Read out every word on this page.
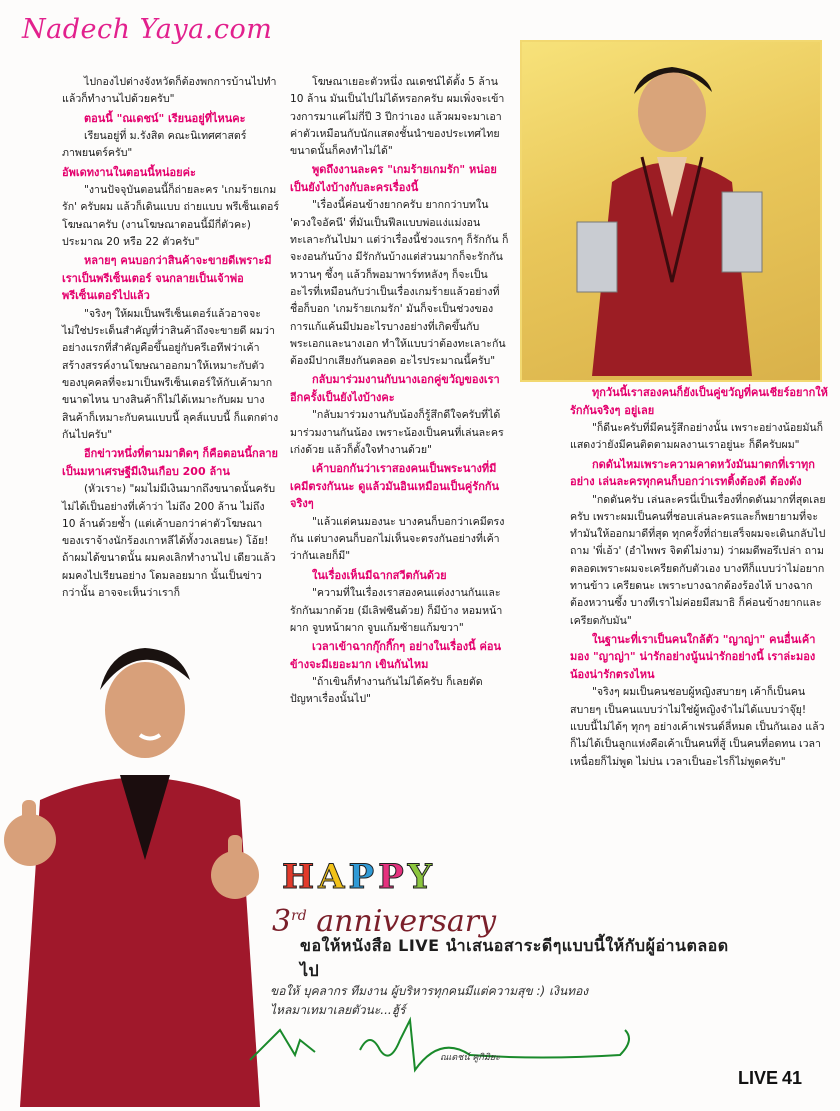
Nadech Yaya.com

ไปกองไปต่างจังหวัดก็ต้องพกการบ้านไปทำ แล้วก็ทำงานไปด้วยครับ"

ตอนนี้ "ณเดชน์" เรียนอยู่ที่ไหนคะ

เรียนอยู่ที่ ม.รังสิต คณะนิเทศศาสตร์ ภาพยนตร์ครับ"

อัพเดทงานในตอนนี้หน่อยค่ะ

"งานปัจจุบันตอนนี้ก็ถ่ายละคร 'เกมร้ายเกมรัก' ครับผม แล้วก็เดินแบบ ถ่ายแบบ พรีเซ็นเตอร์โฆษณาครับ (งานโฆษณาตอนนี้มีกี่ตัวคะ) ประมาณ 20 หรือ 22 ตัวครับ"

หลายๆ คนบอกว่าสินค้าจะขายดีเพราะมีเราเป็นพรีเซ็นเตอร์ จนกลายเป็นเจ้าพ่อพรีเซ็นเตอร์ไปแล้ว

"จริงๆ ให้ผมเป็นพรีเซ็นเตอร์แล้วอาจจะไม่ใช่ประเด็นสำคัญที่ว่าสินค้าถึงจะขายดี ผมว่าอย่างแรกที่สำคัญคือขึ้นอยู่กับครีเอทีฟว่าเค้าสร้างสรรค์งานโฆษณาออกมาให้เหมาะกับตัวของบุคคลที่จะมาเป็นพรีเซ็นเตอร์ให้กับเค้ามากขนาดไหน บางสินค้าก็ไม่ได้เหมาะกับผม บางสินค้าก็เหมาะกับคนแบบนี้ ลุคส์แบบนี้ ก็แตกต่างกันไปครับ"

อีกข่าวหนึ่งที่ตามมาติดๆ ก็คือตอนนี้กลายเป็นมหาเศรษฐีมีเงินเกือบ 200 ล้าน

(หัวเราะ) "ผมไม่มีเงินมากถึงขนาดนั้นครับ ไม่ได้เป็นอย่างที่เค้าว่า ไม่ถึง 200 ล้าน ไม่ถึง 10 ล้านด้วยซ้ำ (แต่เค้าบอกว่าค่าตัวโฆษณาของเราจ้างนักร้องเกาหลีได้ทั้งวงเลยนะ) โอ้ย! ถ้าผมได้ขนาดนั้น ผมคงเลิกทำงานไป เดียวแล้ว ผมคงไปเรียนอย่าง โดมลอยมาก นั้นเป็นข่าว กว่านั้น อาจจะเห็นว่าเราก็

โฆษณาเยอะตัวหนึ่ง ณเดชน์ได้ตั้ง 5 ล้าน 10 ล้าน มันเป็นไปไม่ได้หรอกครับ ผมเพิ่งจะเข้าวงการมาแค่ไม่กี่ปี 3 ปีกว่าเอง แล้วผมจะมาเอาค่าตัวเหมือนกับนักแสดงชั้นนำของประเทศไทยขนาดนั้นก็คงทำไม่ได้"

พูดถึงงานละคร "เกมร้ายเกมรัก" หน่อย เป็นยังไงบ้างกับละครเรื่องนี้

"เรื่องนี้ค่อนข้างยากครับ ยากกว่าบทใน 'ดวงใจอัคนี' ที่มันเป็นฟีลแบบพ่อแง่แม่งอน ทะเลาะกันไปมา แต่ว่าเรื่องนี้ช่วงแรกๆ ก็รักกัน ก็จะงอนกันบ้าง มีรักกันบ้างแต่ส่วนมากก็จะรักกันหวานๆ ซึ้งๆ แล้วก็พอมาพาร์ทหลังๆ ก็จะเป็นอะไรที่เหมือนกับว่าเป็นเรื่องเกมร้ายแล้วอย่างที่ชื่อก็บอก 'เกมร้ายเกมรัก' มันก็จะเป็นช่วงของการแก้แค้นมีปมอะไรบางอย่างที่เกิดขึ้นกับพระเอกและนางเอก ทำให้แบบว่าต้องทะเลาะกัน ต้องมีปากเสียงกันตลอด อะไรประมาณนี้ครับ"

กลับมาร่วมงานกับนางเอกคู่ขวัญของเราอีกครั้งเป็นยังไงบ้างคะ

"กลับมาร่วมงานกับน้องก็รู้สึกดีใจครับที่ได้มาร่วมงานกันน้อง เพราะน้องเป็นคนที่เล่นละครเก่งด้วย แล้วก็ตั้งใจทำงานด้วย"

เค้าบอกกันว่าเราสองคนเป็นพระนางที่มีเคมีตรงกันนะ ดูแล้วมันอินเหมือนเป็นคู่รักกันจริงๆ

"แล้วแต่คนมองนะ บางคนก็บอกว่าเคมีตรงกัน แต่บางคนก็บอกไม่เห็นจะตรงกันอย่างที่เค้าว่ากันเลยก็มี"

ในเรื่องเห็นมีฉากสวีตกันด้วย

"ความที่ในเรื่องเราสองคนแต่งงานกันและรักกันมากด้วย (มีเลิฟซีนด้วย) ก็มีบ้าง หอมหน้าผาก จูบหน้าผาก จูบแก้มซ้ายแก้มขวา"

เวลาเข้าฉากกุ๊กกิ๊กๆ อย่างในเรื่องนี้ ค่อนข้างจะมีเยอะมาก เขินกันไหม

"ถ้าเขินก็ทำงานกันไม่ได้ครับ ก็เลยตัดปัญหาเรื่องนั้นไป"

ทุกวันนี้เราสองคนก็ยังเป็นคู่ขวัญที่คนเชียร์อยากให้รักกันจริงๆ อยู่เลย

"ก็ดีนะครับที่มีคนรู้สึกอย่างนั้น เพราะอย่างน้อยมันก็แสดงว่ายังมีคนติดตามผลงานเราอยู่นะ ก็ดีครับผม"

กดดันไหมเพราะความคาดหวังมันมาตกที่เราทุกอย่าง เล่นละครทุกคนก็บอกว่าเรทติ้งต้องดี ต้องดัง

"กดดันครับ เล่นละครนี่เป็นเรื่องที่กดดันมากที่สุดเลยครับ เพราะผมเป็นคนที่ชอบเล่นละครและก็พยายามที่จะทำมันให้ออกมาดีที่สุด ทุกครั้งที่ถ่ายเสร็จผมจะเดินกลับไปถาม 'พี่เอ้ว' (อำไพพร จิตต์ไม่งาม) ว่าผมดีพอรึเปล่า ถามตลอดเพราะผมจะเครียดกับตัวเอง บางทีก็แบบว่าไม่อยากทานข้าว เครียดนะ เพราะบางฉากต้องร้องไห้ บางฉากต้องหวานซึ้ง บางทีเราไม่ค่อยมีสมาธิ ก็ค่อนข้างยากและเครียดกับมัน"

ในฐานะที่เราเป็นคนใกล้ตัว "ญาญ่า" คนอื่นเค้ามอง "ญาญ่า" น่ารักอย่างนู้นน่ารักอย่างนี้ เราล่ะมองน้องน่ารักตรงไหน

"จริงๆ ผมเป็นคนชอบผู้หญิงสบายๆ เค้าก็เป็นคนสบายๆ เป็นคนแบบว่าไม่ใช่ผู้หญิงจำไม่ได้แบบว่าจุ๊ยุ! แบบนี้ไม่ได้ๆ ทุกๆ อย่างเค้าเฟรนด์ลี่หมด เป็นกันเอง แล้วก็ไม่ได้เป็นลูกแห่งคือเค้าเป็นคนที่สู้ เป็นคนที่อดทน เวลาเหนื่อยก็ไม่พูด ไม่บ่น เวลาเป็นอะไรก็ไม่พูดครับ"

H A P P Y
3rd anniversary
ขอให้หนังสือ LIVE นำเสนอสาระดีๆแบบนี้ให้กับผู้อ่านตลอดไป
ขอให้ บุคลากร ทีมงาน ผู้บริหารทุกคนมีแต่ความสุข :) เงินทองไหลมาเทมาเลยตัวนะ...ฮู้ร์
ณเดชน์ คูกิมิยะ
LIVE 41
